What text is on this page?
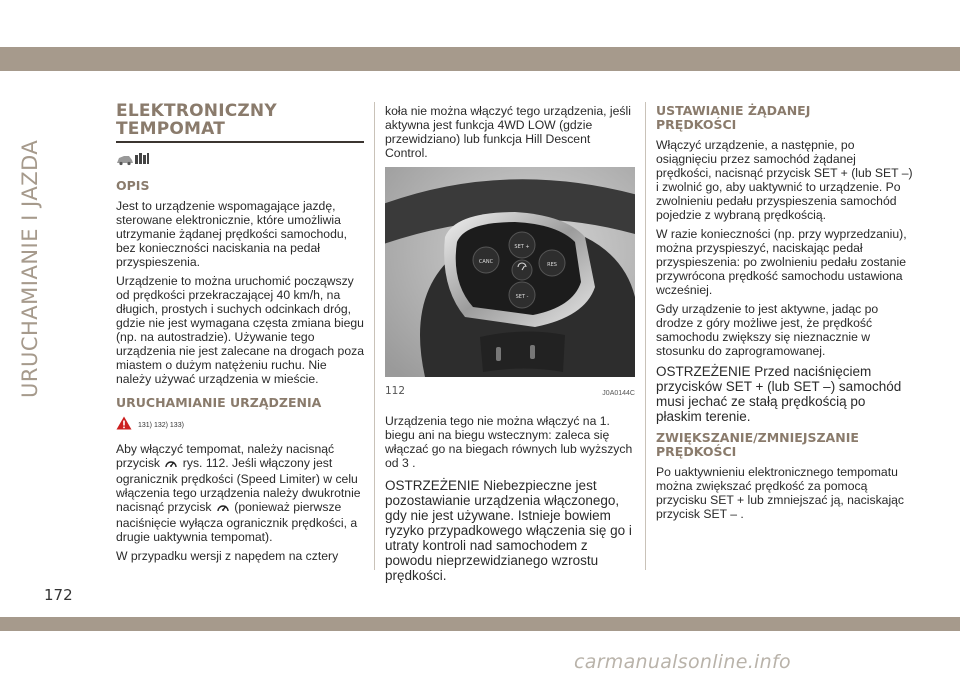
URUCHAMIANIE I JAZDA
ELEKTRONICZNY
TEMPOMAT
OPIS
Jest to urządzenie wspomagające jazdę, sterowane elektronicznie, które umożliwia utrzymanie żądanej prędkości samochodu, bez konieczności naciskania na pedał przyspieszenia.
Urządzenie to można uruchomić począwszy od prędkości przekraczającej 40 km/h, na długich, prostych i suchych odcinkach dróg, gdzie nie jest wymagana częsta zmiana biegu (np. na autostradzie). Używanie tego urządzenia nie jest zalecane na drogach poza miastem o dużym natężeniu ruchu. Nie należy używać urządzenia w mieście.
URUCHAMIANIE URZĄDZENIA
131) 132) 133)
Aby włączyć tempomat, należy nacisnąć przycisk rys. 112. Jeśli włączony jest ogranicznik prędkości (Speed Limiter) w celu włączenia tego urządzenia należy dwukrotnie nacisnąć przycisk (ponieważ pierwsze naciśnięcie wyłącza ogranicznik prędkości, a drugie uaktywnia tempomat).
W przypadku wersji z napędem na cztery
koła nie można włączyć tego urządzenia, jeśli aktywna jest funkcja 4WD LOW (gdzie przewidziano) lub funkcja Hill Descent Control.
CANC
SET +
RES
SET -
112	J0A0144C
Urządzenia tego nie można włączyć na 1. biegu ani na biegu wstecznym: zaleca się włączać go na biegach równych lub wyższych od 3 .
OSTRZEŻENIE Niebezpieczne jest pozostawianie urządzenia włączonego, gdy nie jest używane. Istnieje bowiem ryzyko przypadkowego włączenia się go i utraty kontroli nad samochodem z powodu nieprzewidzianego wzrostu prędkości.
USTAWIANIE ŻĄDANEJ PRĘDKOŚCI
Włączyć urządzenie, a następnie, po osiągnięciu przez samochód żądanej prędkości, nacisnąć przycisk SET + (lub SET –) i zwolnić go, aby uaktywnić to urządzenie. Po zwolnieniu pedału przyspieszenia samochód pojedzie z wybraną prędkością.
W razie konieczności (np. przy wyprzedzaniu), można przyspieszyć, naciskając pedał przyspieszenia: po zwolnieniu pedału zostanie przywrócona prędkość samochodu ustawiona wcześniej.
Gdy urządzenie to jest aktywne, jadąc po drodze z góry możliwe jest, że prędkość samochodu zwiększy się nieznacznie w stosunku do zaprogramowanej.
OSTRZEŻENIE Przed naciśnięciem przycisków SET + (lub SET –) samochód musi jechać ze stałą prędkością po płaskim terenie.
ZWIĘKSZANIE/ZMNIEJSZANIE PRĘDKOŚCI
Po uaktywnieniu elektronicznego tempomatu można zwiększać prędkość za pomocą przycisku SET + lub zmniejszać ją, naciskając przycisk SET – .
172
carmanualsonline.info
